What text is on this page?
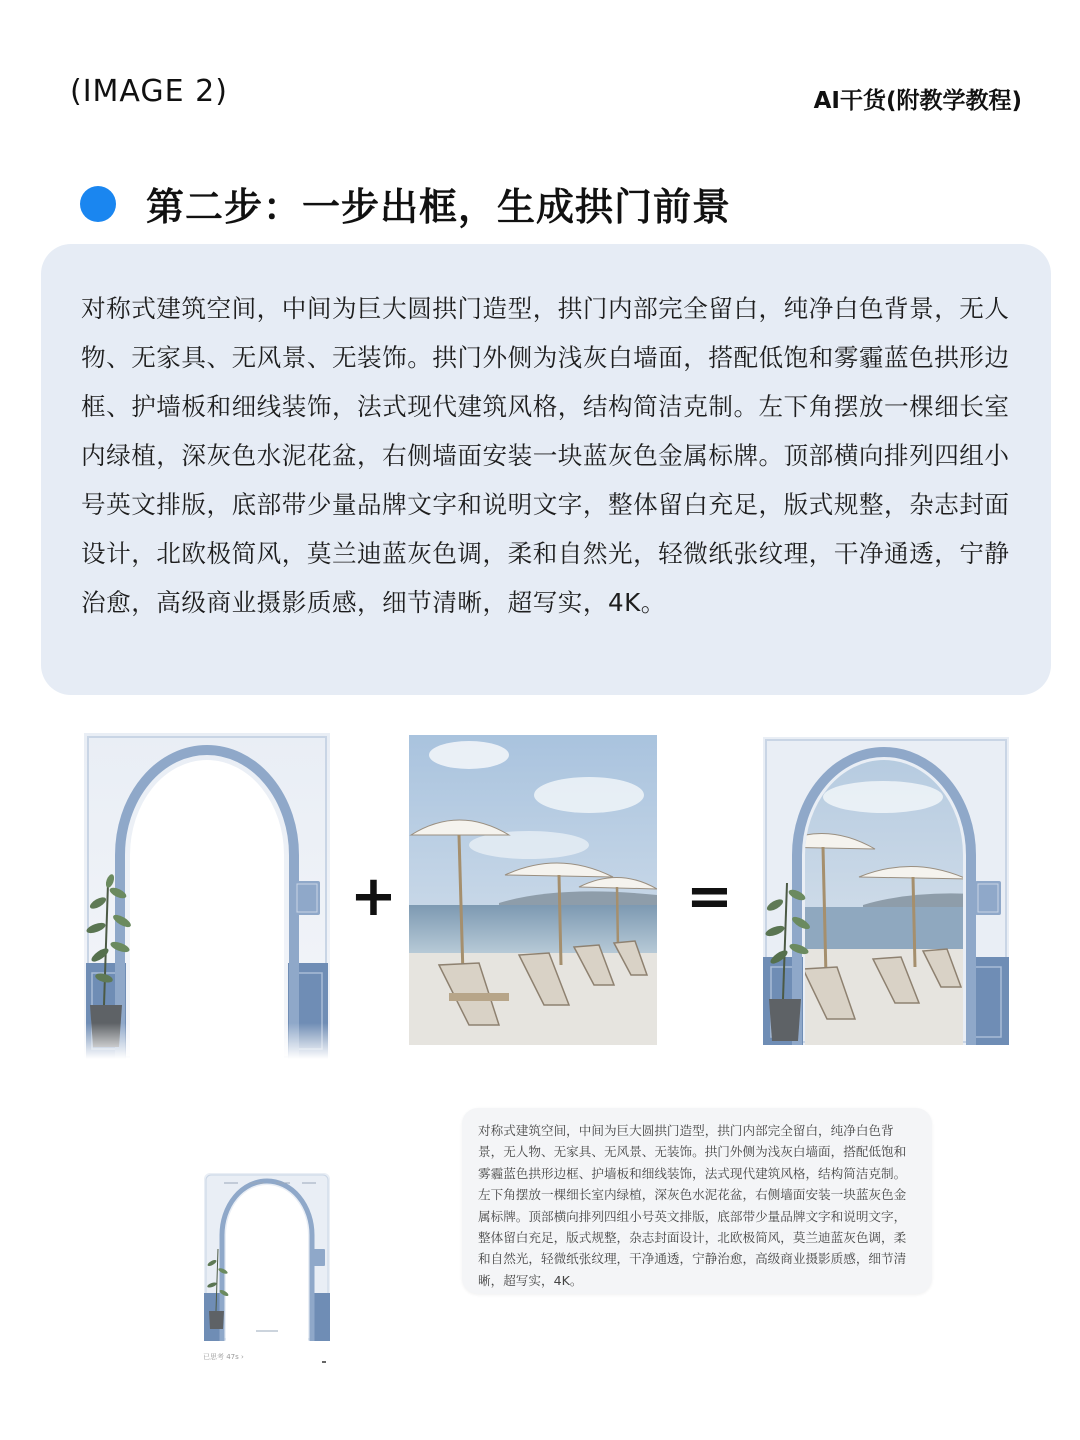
(IMAGE 2)	AI干货(附教学教程)
第二步：一步出框，生成拱门前景
对称式建筑空间，中间为巨大圆拱门造型，拱门内部完全留白，纯净白色背景，无人物、无家具、无风景、无装饰。拱门外侧为浅灰白墙面，搭配低饱和雾霾蓝色拱形边框、护墙板和细线装饰，法式现代建筑风格，结构简洁克制。左下角摆放一棵细长室内绿植，深灰色水泥花盆，右侧墙面安装一块蓝灰色金属标牌。顶部横向排列四组小号英文排版，底部带少量品牌文字和说明文字，整体留白充足，版式规整，杂志封面设计，北欧极简风，莫兰迪蓝灰色调，柔和自然光，轻微纸张纹理，干净通透，宁静治愈，高级商业摄影质感，细节清晰，超写实，4K。
+	=
已思考 47s ›
对称式建筑空间，中间为巨大圆拱门造型，拱门内部完全留白，纯净白色背景，无人物、无家具、无风景、无装饰。拱门外侧为浅灰白墙面，搭配低饱和雾霾蓝色拱形边框、护墙板和细线装饰，法式现代建筑风格，结构简洁克制。左下角摆放一棵细长室内绿植，深灰色水泥花盆，右侧墙面安装一块蓝灰色金属标牌。顶部横向排列四组小号英文排版，底部带少量品牌文字和说明文字，整体留白充足，版式规整，杂志封面设计，北欧极简风，莫兰迪蓝灰色调，柔和自然光，轻微纸张纹理，干净通透，宁静治愈，高级商业摄影质感，细节清晰，超写实，4K。
